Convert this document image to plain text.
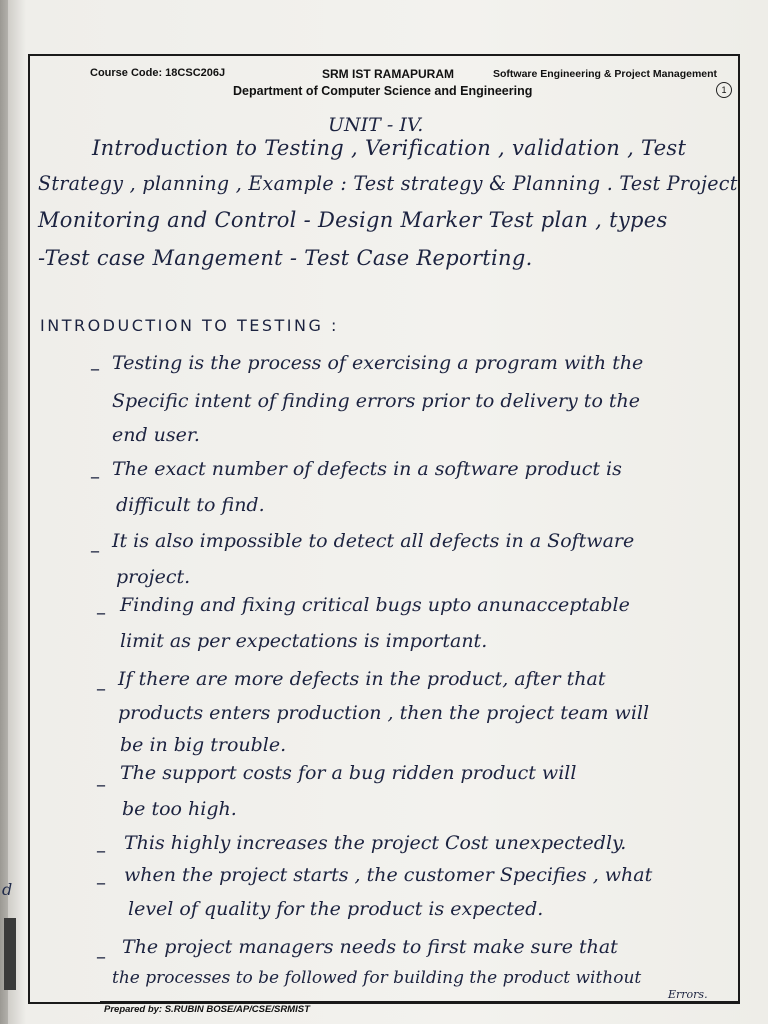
d
Course Code: 18CSC206J	SRM IST RAMAPURAM	Software Engineering & Project Management
Department of Computer Science and Engineering	1
UNIT - IV.
Introduction to Testing , Verification , validation , Test
Strategy , planning , Example : Test strategy & Planning . Test Project
Monitoring and Control - Design Marker Test plan , types
-Test case Mangement - Test Case Reporting.
INTRODUCTION TO TESTING :
– Testing is the process of exercising a program with the
Specific intent of finding errors prior to delivery to the
end user.
– The exact number of defects in a software product is
difficult to find.
– It is also impossible to detect all defects in a Software
project.
– Finding and fixing critical bugs upto anunacceptable
limit as per expectations is important.
– If there are more defects in the product, after that
products enters production , then the project team will
be in big trouble.
– The support costs for a bug ridden product will
be too high.
– This highly increases the project Cost unexpectedly.
– when the project starts , the customer Specifies , what
level of quality for the product is expected.
– The project managers needs to first make sure that
the processes to be followed for building the product without
Errors.
Prepared by: S.RUBIN BOSE/AP/CSE/SRMIST
